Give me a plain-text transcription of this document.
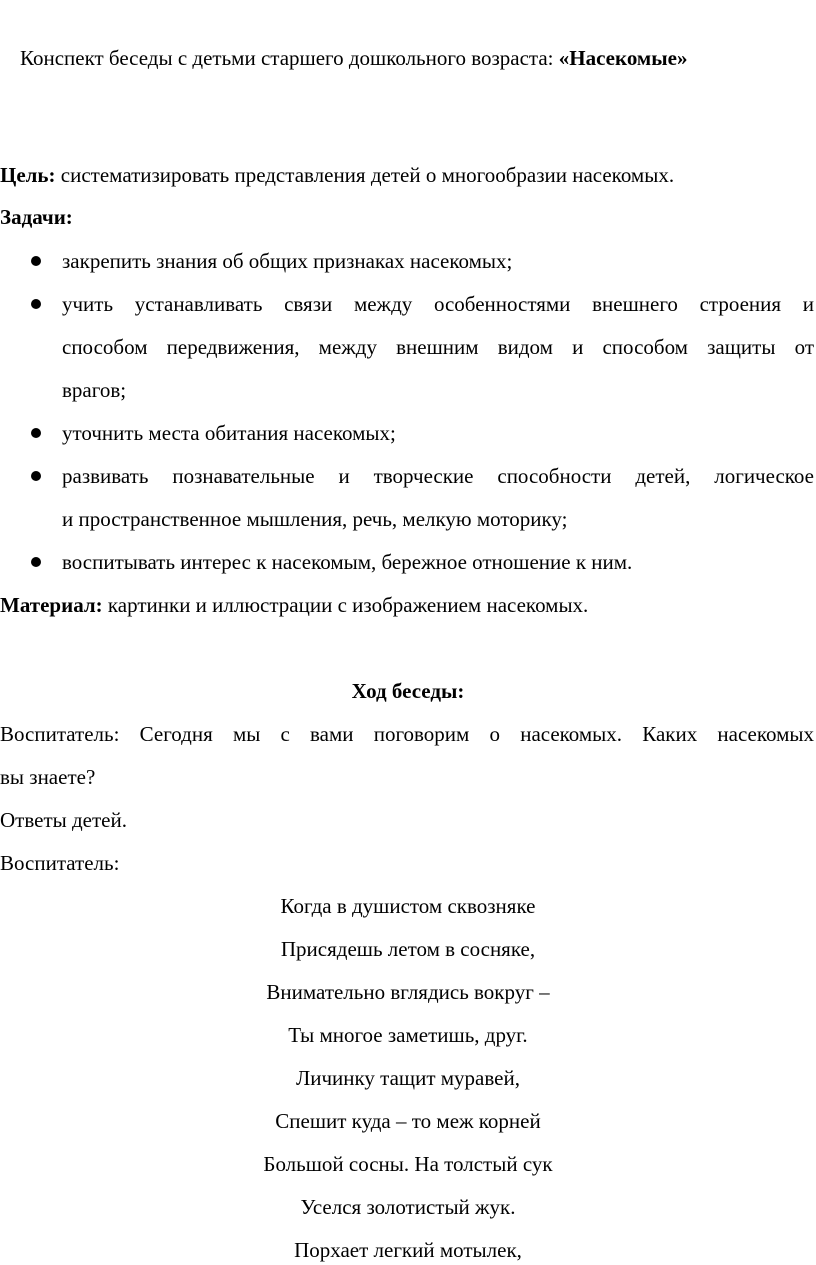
Конспект беседы с детьми старшего дошкольного возраста: «Насекомые»
Цель: систематизировать представления детей о многообразии насекомых.
Задачи:
закрепить знания об общих признаках насекомых;
учить устанавливать связи между особенностями внешнего строения и
способом передвижения, между внешним видом и способом защиты от
врагов;
уточнить места обитания насекомых;
развивать познавательные и творческие способности детей, логическое
и пространственное мышления, речь, мелкую моторику;
воспитывать интерес к насекомым, бережное отношение к ним.
Материал: картинки и иллюстрации с изображением насекомых.
Ход беседы:
Воспитатель: Сегодня мы с вами поговорим о насекомых. Каких насекомых
вы знаете?
Ответы детей.
Воспитатель:
Когда в душистом сквозняке
Присядешь летом в сосняке,
Внимательно вглядись вокруг –
Ты многое заметишь, друг.
Личинку тащит муравей,
Спешит куда – то меж корней
Большой сосны. На толстый сук
Уселся золотистый жук.
Порхает легкий мотылек,
